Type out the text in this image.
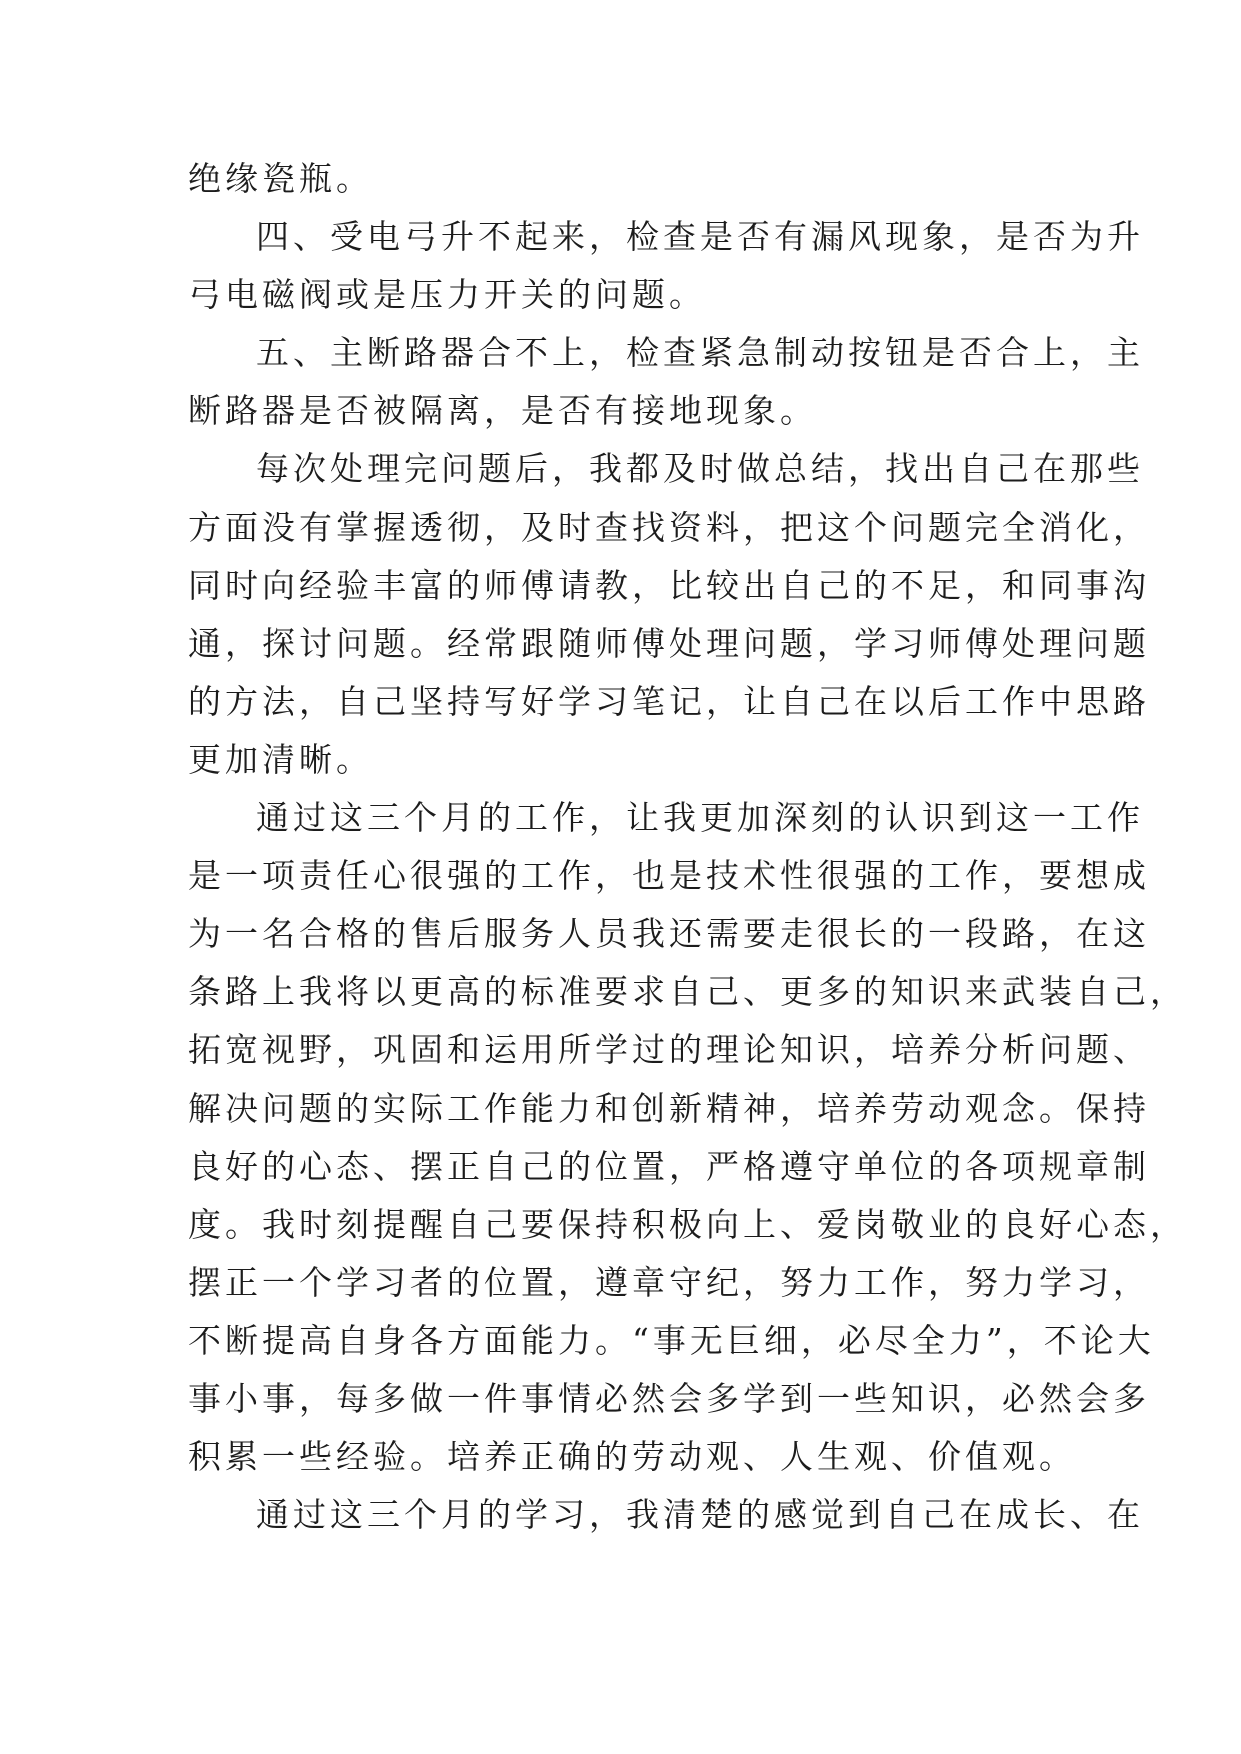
绝缘瓷瓶。
四、受电弓升不起来，检查是否有漏风现象，是否为升
弓电磁阀或是压力开关的问题。
五、主断路器合不上，检查紧急制动按钮是否合上，主
断路器是否被隔离，是否有接地现象。
每次处理完问题后，我都及时做总结，找出自己在那些
方面没有掌握透彻，及时查找资料，把这个问题完全消化，
同时向经验丰富的师傅请教，比较出自己的不足，和同事沟
通，探讨问题。经常跟随师傅处理问题，学习师傅处理问题
的方法，自己坚持写好学习笔记，让自己在以后工作中思路
更加清晰。
通过这三个月的工作，让我更加深刻的认识到这一工作
是一项责任心很强的工作，也是技术性很强的工作，要想成
为一名合格的售后服务人员我还需要走很长的一段路，在这
条路上我将以更高的标准要求自己、更多的知识来武装自己，
拓宽视野，巩固和运用所学过的理论知识，培养分析问题、
解决问题的实际工作能力和创新精神，培养劳动观念。保持
良好的心态、摆正自己的位置，严格遵守单位的各项规章制
度。我时刻提醒自己要保持积极向上、爱岗敬业的良好心态，
摆正一个学习者的位置，遵章守纪，努力工作，努力学习，
不断提高自身各方面能力。“事无巨细，必尽全力”，不论大
事小事，每多做一件事情必然会多学到一些知识，必然会多
积累一些经验。培养正确的劳动观、人生观、价值观。
通过这三个月的学习，我清楚的感觉到自己在成长、在
